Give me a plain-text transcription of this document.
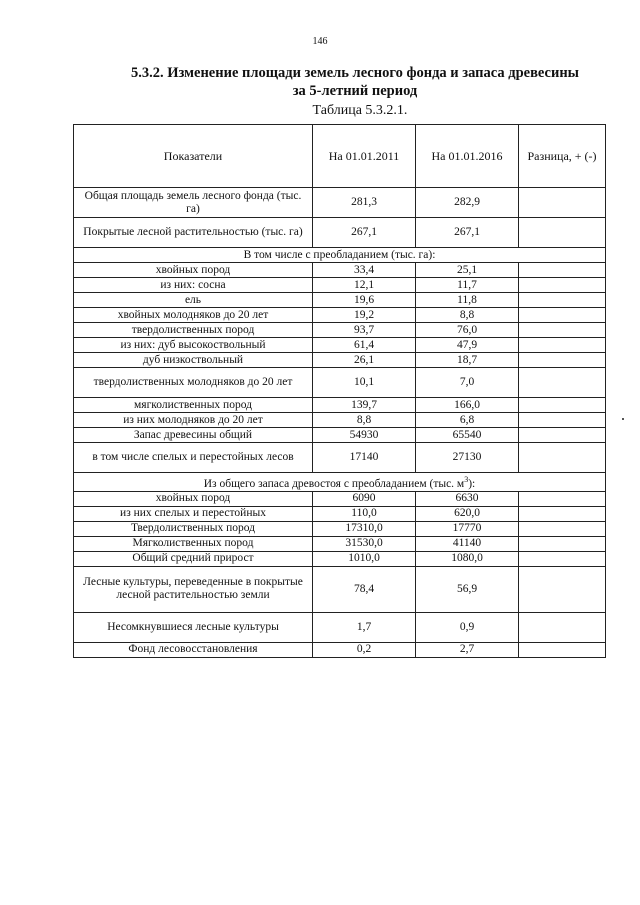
146
5.3.2. Изменение площади земель лесного фонда и запаса древесины
за 5-летний период
Таблица 5.3.2.1.
Показатели	На 01.01.2011	На 01.01.2016	Разница, + (-)
Общая площадь земель лесного фонда (тыс. га)	281,3	282,9	
Покрытые лесной растительностью (тыс. га)	267,1	267,1	
В том числе с преобладанием (тыс. га):			
хвойных пород	33,4	25,1	
из них: сосна	12,1	11,7	
ель	19,6	11,8	
хвойных молодняков до 20 лет	19,2	8,8	
твердолиственных пород	93,7	76,0	
из них: дуб высокоствольный	61,4	47,9	
дуб низкоствольный	26,1	18,7	
твердолиственных молодняков до 20 лет	10,1	7,0	
мягколиственных пород	139,7	166,0	
из них молодняков до 20 лет	8,8	6,8	
Запас древесины общий	54930	65540	
в том числе спелых и перестойных лесов	17140	27130	
Из общего запаса древостоя с преобладанием (тыс. $м^3$):			
хвойных пород	6090	6630	
из них спелых и перестойных	110,0	620,0	
Твердолиственных пород	17310,0	17770	
Мягколиственных пород	31530,0	41140	
Общий средний прирост	1010,0	1080,0	
Лесные культуры, переведенные в покрытые лесной растительностью земли	78,4	56,9	
Несомкнувшиеся лесные культуры	1,7	0,9	
Фонд лесовосстановления	0,2	2,7	
